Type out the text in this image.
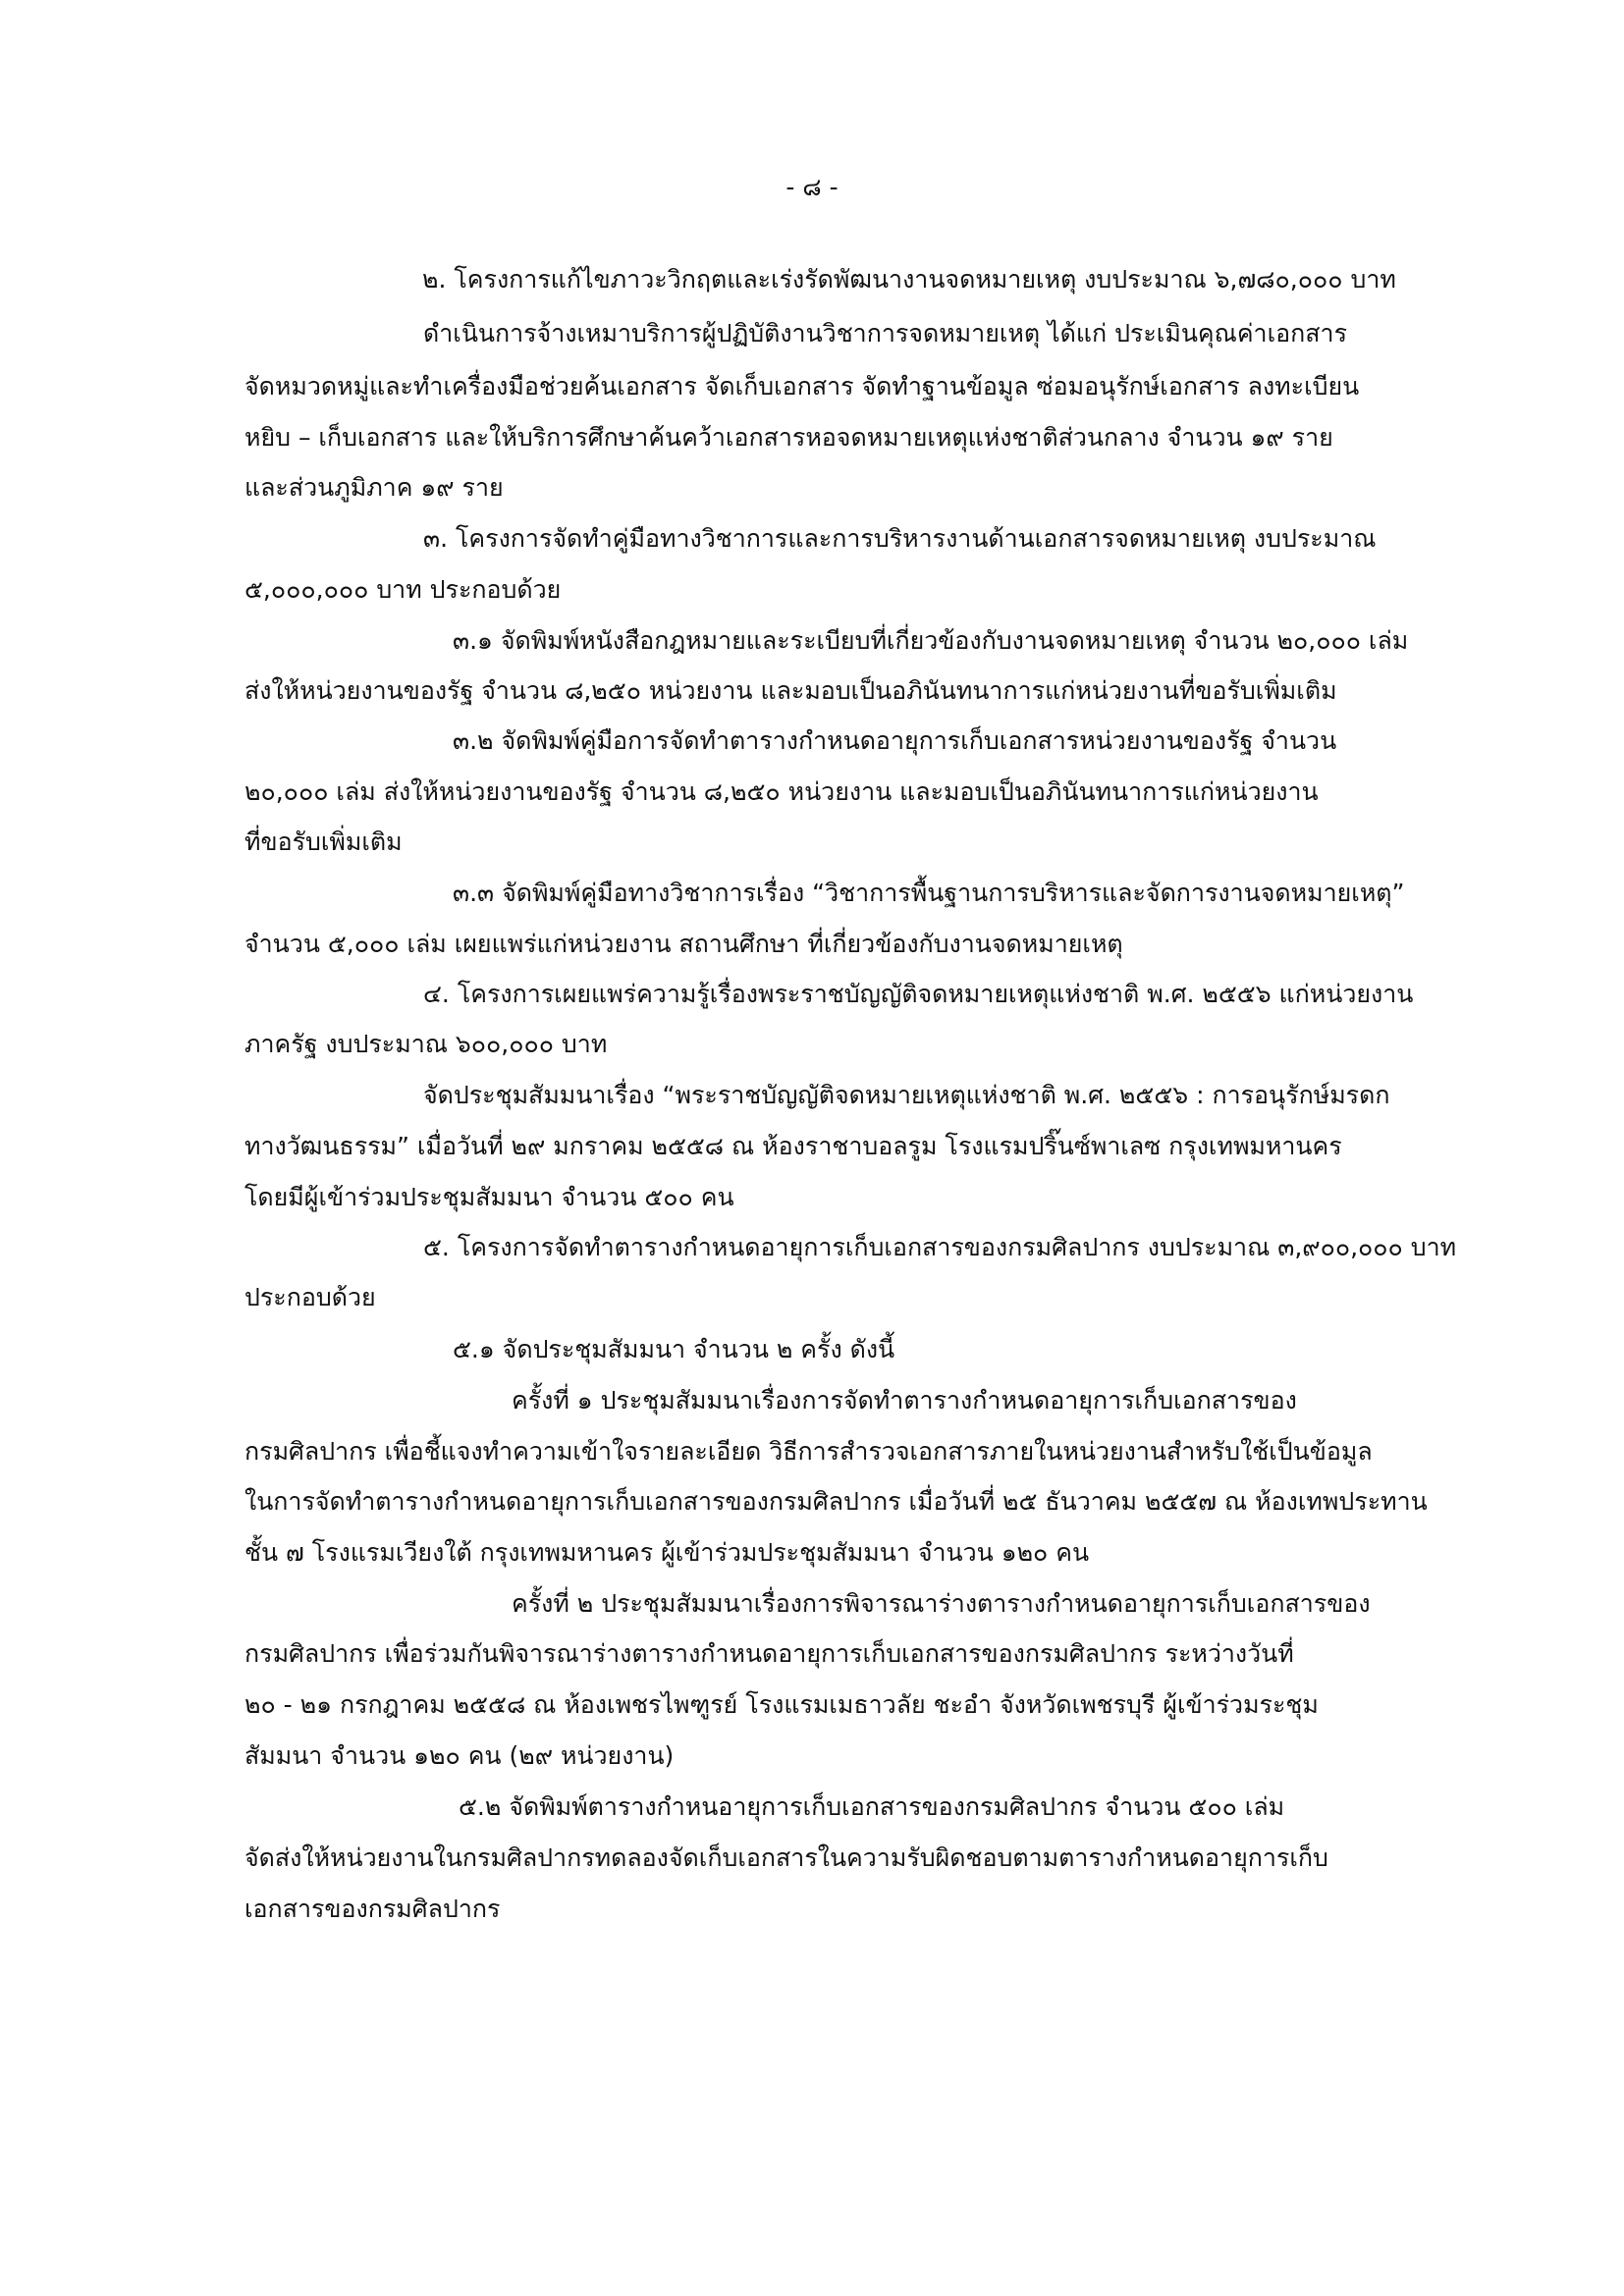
- ๘ -
๒. โครงการแก้ไขภาวะวิกฤตและเร่งรัดพัฒนางานจดหมายเหตุ งบประมาณ ๖,๗๘๐,๐๐๐ บาท
ดำเนินการจ้างเหมาบริการผู้ปฏิบัติงานวิชาการจดหมายเหตุ ได้แก่ ประเมินคุณค่าเอกสาร
จัดหมวดหมู่และทำเครื่องมือช่วยค้นเอกสาร จัดเก็บเอกสาร จัดทำฐานข้อมูล ซ่อมอนุรักษ์เอกสาร ลงทะเบียน
หยิบ – เก็บเอกสาร และให้บริการศึกษาค้นคว้าเอกสารหอจดหมายเหตุแห่งชาติส่วนกลาง จำนวน ๑๙ ราย
และส่วนภูมิภาค ๑๙ ราย
๓. โครงการจัดทำคู่มือทางวิชาการและการบริหารงานด้านเอกสารจดหมายเหตุ งบประมาณ
๕,๐๐๐,๐๐๐ บาท ประกอบด้วย
๓.๑ จัดพิมพ์หนังสือกฎหมายและระเบียบที่เกี่ยวข้องกับงานจดหมายเหตุ จำนวน ๒๐,๐๐๐ เล่ม
ส่งให้หน่วยงานของรัฐ จำนวน ๘,๒๕๐ หน่วยงาน และมอบเป็นอภินันทนาการแก่หน่วยงานที่ขอรับเพิ่มเติม
๓.๒ จัดพิมพ์คู่มือการจัดทำตารางกำหนดอายุการเก็บเอกสารหน่วยงานของรัฐ จำนวน
๒๐,๐๐๐ เล่ม ส่งให้หน่วยงานของรัฐ จำนวน ๘,๒๕๐ หน่วยงาน และมอบเป็นอภินันทนาการแก่หน่วยงาน
ที่ขอรับเพิ่มเติม
๓.๓ จัดพิมพ์คู่มือทางวิชาการเรื่อง “วิชาการพื้นฐานการบริหารและจัดการงานจดหมายเหตุ”
จำนวน ๕,๐๐๐ เล่ม เผยแพร่แก่หน่วยงาน สถานศึกษา ที่เกี่ยวข้องกับงานจดหมายเหตุ
๔. โครงการเผยแพร่ความรู้เรื่องพระราชบัญญัติจดหมายเหตุแห่งชาติ พ.ศ. ๒๕๕๖ แก่หน่วยงาน
ภาครัฐ งบประมาณ ๖๐๐,๐๐๐ บาท
จัดประชุมสัมมนาเรื่อง “พระราชบัญญัติจดหมายเหตุแห่งชาติ พ.ศ. ๒๕๕๖ : การอนุรักษ์มรดก
ทางวัฒนธรรม” เมื่อวันที่ ๒๙ มกราคม ๒๕๕๘ ณ ห้องราชาบอลรูม โรงแรมปริ๊นซ์พาเลซ กรุงเทพมหานคร
โดยมีผู้เข้าร่วมประชุมสัมมนา จำนวน ๕๐๐ คน
๕. โครงการจัดทำตารางกำหนดอายุการเก็บเอกสารของกรมศิลปากร งบประมาณ ๓,๙๐๐,๐๐๐ บาท
ประกอบด้วย
๕.๑ จัดประชุมสัมมนา จำนวน ๒ ครั้ง ดังนี้
ครั้งที่ ๑ ประชุมสัมมนาเรื่องการจัดทำตารางกำหนดอายุการเก็บเอกสารของ
กรมศิลปากร เพื่อชี้แจงทำความเข้าใจรายละเอียด วิธีการสำรวจเอกสารภายในหน่วยงานสำหรับใช้เป็นข้อมูล
ในการจัดทำตารางกำหนดอายุการเก็บเอกสารของกรมศิลปากร เมื่อวันที่ ๒๕ ธันวาคม ๒๕๕๗ ณ ห้องเทพประทาน
ชั้น ๗ โรงแรมเวียงใต้ กรุงเทพมหานคร ผู้เข้าร่วมประชุมสัมมนา จำนวน ๑๒๐ คน
ครั้งที่ ๒ ประชุมสัมมนาเรื่องการพิจารณาร่างตารางกำหนดอายุการเก็บเอกสารของ
กรมศิลปากร เพื่อร่วมกันพิจารณาร่างตารางกำหนดอายุการเก็บเอกสารของกรมศิลปากร ระหว่างวันที่
๒๐ - ๒๑ กรกฎาคม ๒๕๕๘ ณ ห้องเพชรไพฑูรย์ โรงแรมเมธาวลัย ชะอำ จังหวัดเพชรบุรี ผู้เข้าร่วมระชุม
สัมมนา จำนวน ๑๒๐ คน (๒๙ หน่วยงาน)
๕.๒ จัดพิมพ์ตารางกำหนอายุการเก็บเอกสารของกรมศิลปากร จำนวน ๕๐๐ เล่ม
จัดส่งให้หน่วยงานในกรมศิลปากรทดลองจัดเก็บเอกสารในความรับผิดชอบตามตารางกำหนดอายุการเก็บ
เอกสารของกรมศิลปากร
